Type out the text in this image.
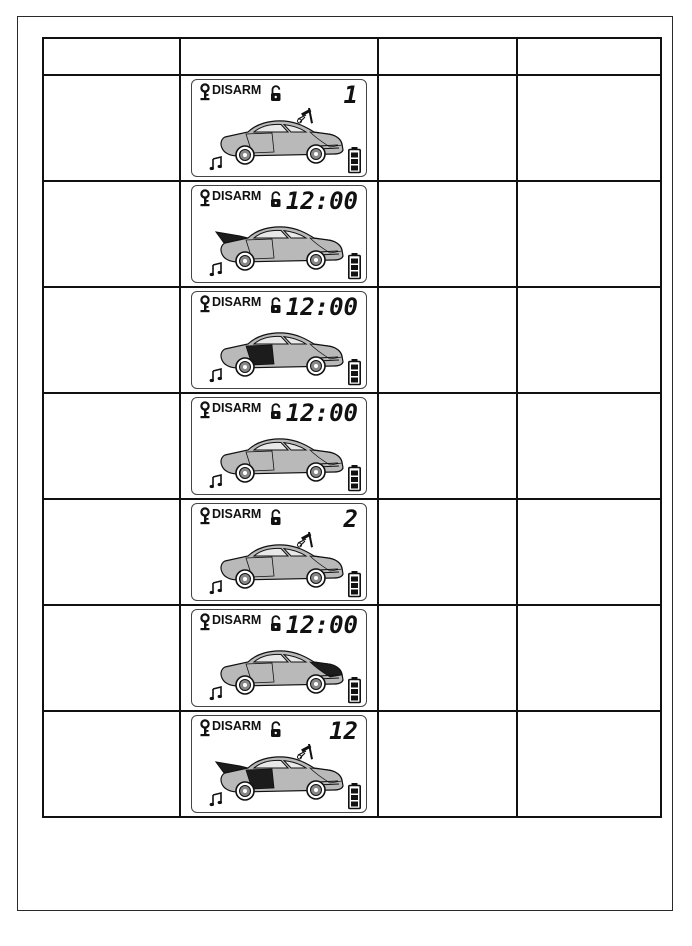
DISARM 1		

DISARM 12:00		

DISARM 12:00		

DISARM 12:00		

DISARM 2		

DISARM 12:00		

DISARM 12		
